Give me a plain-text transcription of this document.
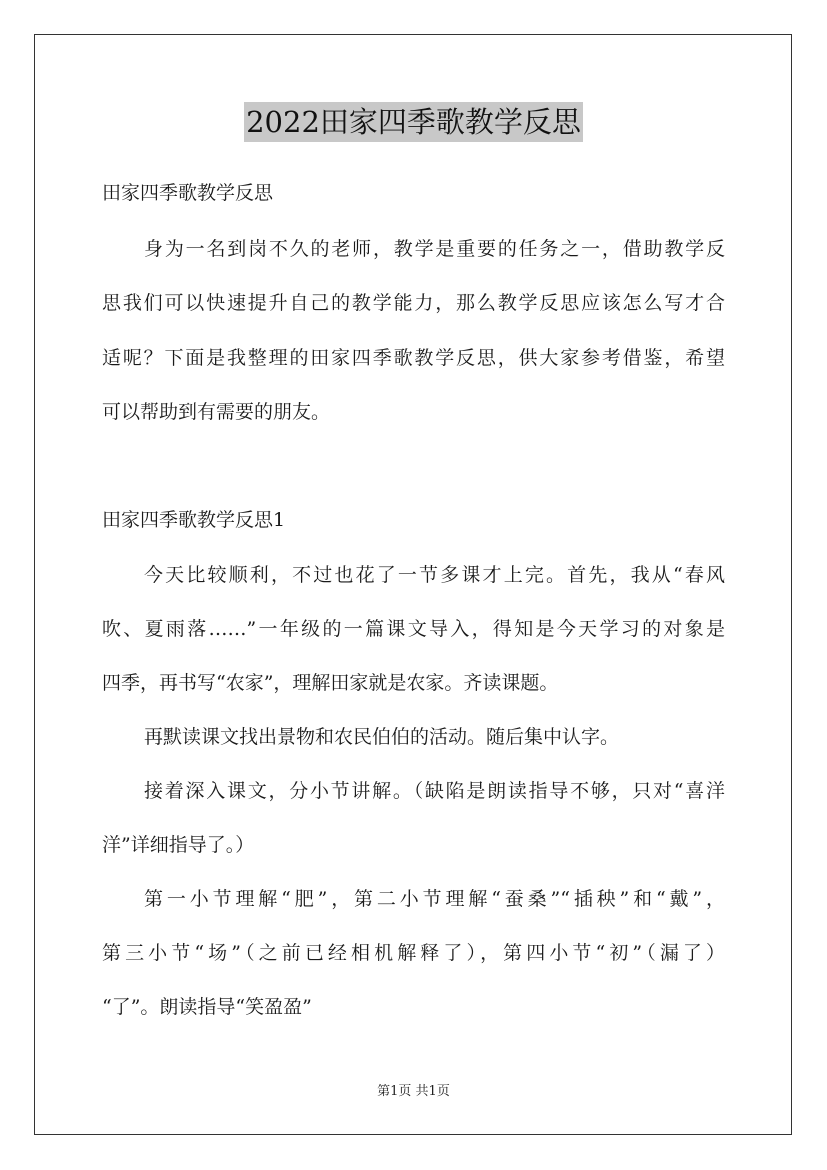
2022田家四季歌教学反思
田家四季歌教学反思
身为一名到岗不久的老师，教学是重要的任务之一，借助教学反
思我们可以快速提升自己的教学能力，那么教学反思应该怎么写才合
适呢？下面是我整理的田家四季歌教学反思，供大家参考借鉴，希望
可以帮助到有需要的朋友。
田家四季歌教学反思1
今天比较顺利，不过也花了一节多课才上完。首先，我从“春风
吹、夏雨落……”一年级的一篇课文导入，得知是今天学习的对象是
四季，再书写“农家”，理解田家就是农家。齐读课题。
再默读课文找出景物和农民伯伯的活动。随后集中认字。
接着深入课文，分小节讲解。（缺陷是朗读指导不够，只对“喜洋
洋”详细指导了。）
第一小节理解“肥”，第二小节理解“蚕桑”“插秧”和“戴”，
第三小节“场”（之前已经相机解释了），第四小节“初”（漏了）
“了”。朗读指导“笑盈盈”
第1页 共1页
